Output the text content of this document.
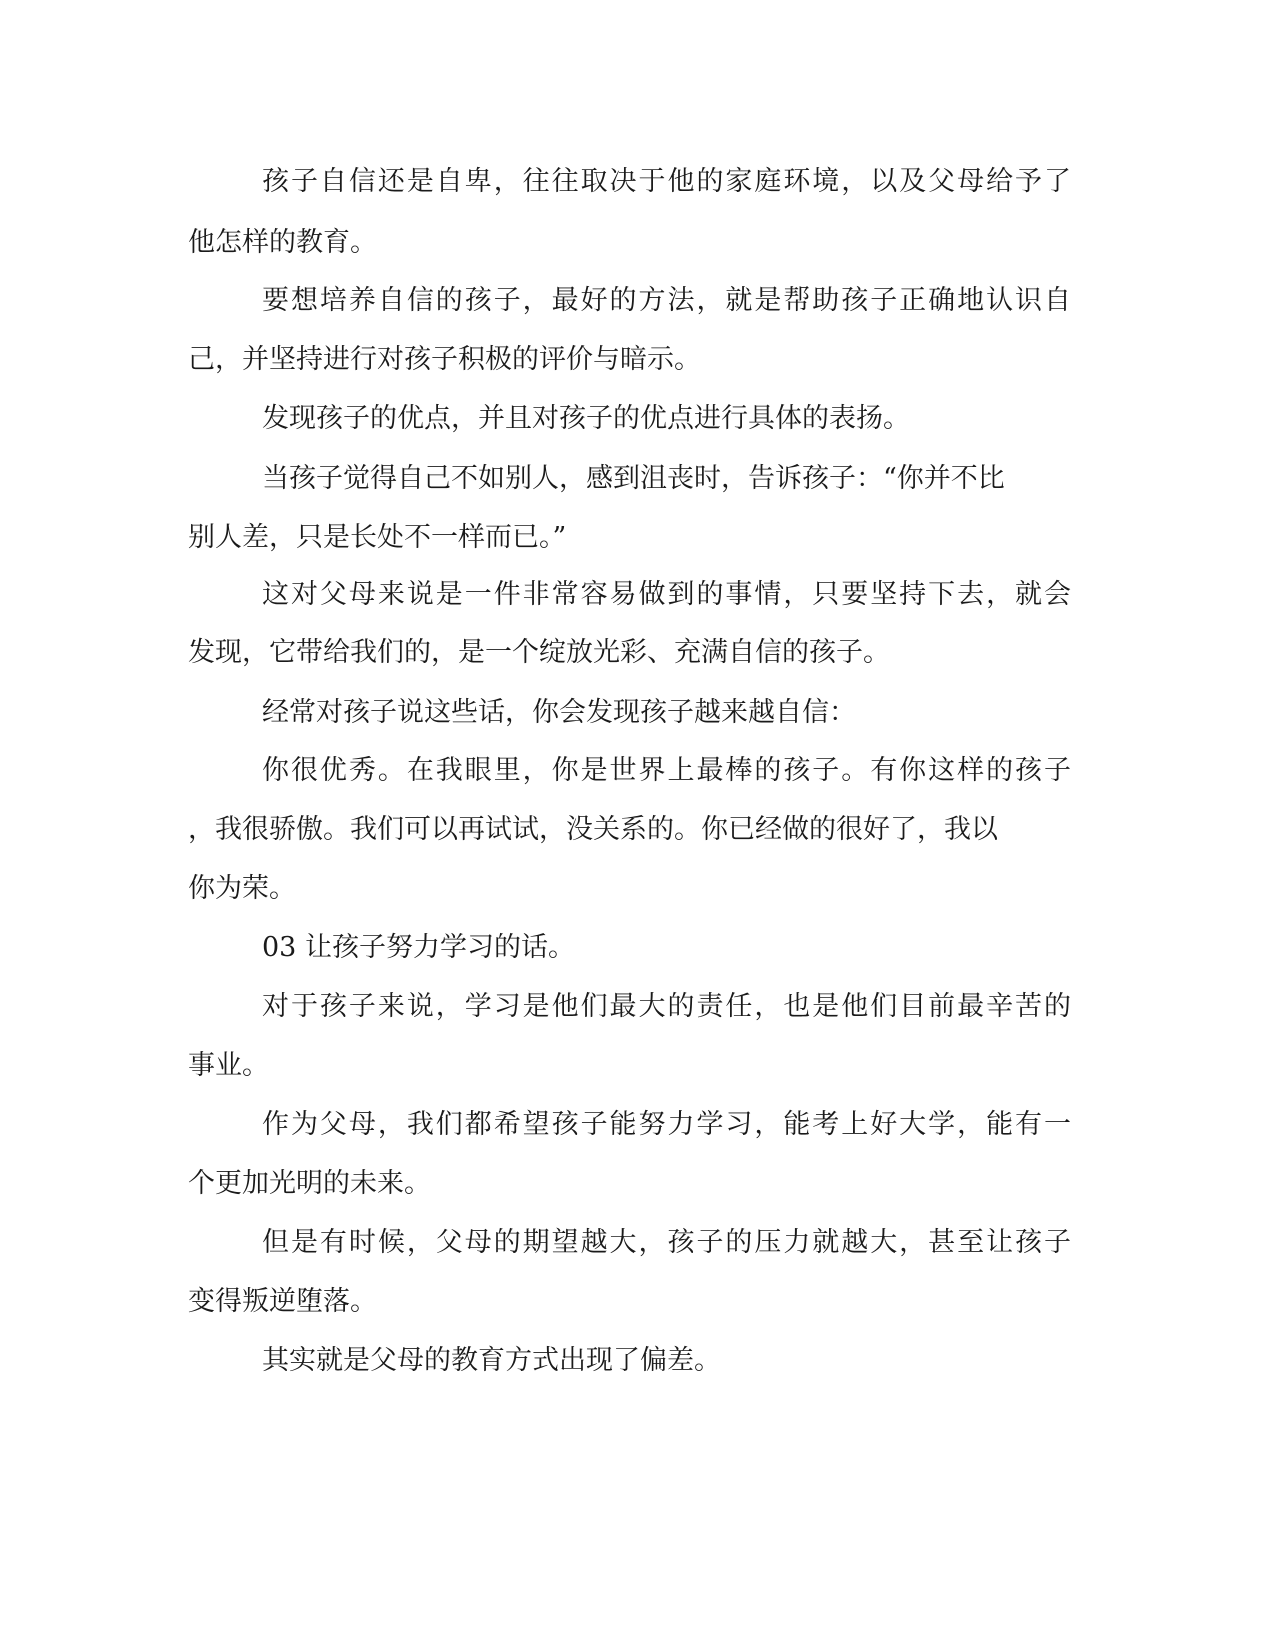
孩子自信还是自卑，往往取决于他的家庭环境，以及父母给予了
他怎样的教育。
要想培养自信的孩子，最好的方法，就是帮助孩子正确地认识自
己，并坚持进行对孩子积极的评价与暗示。
发现孩子的优点，并且对孩子的优点进行具体的表扬。
当孩子觉得自己不如别人，感到沮丧时，告诉孩子：“你并不比
别人差，只是长处不一样而已。”
这对父母来说是一件非常容易做到的事情，只要坚持下去，就会
发现，它带给我们的，是一个绽放光彩、充满自信的孩子。
经常对孩子说这些话，你会发现孩子越来越自信：
你很优秀。在我眼里，你是世界上最棒的孩子。有你这样的孩子
，我很骄傲。我们可以再试试，没关系的。你已经做的很好了，我以
你为荣。
03 让孩子努力学习的话。
对于孩子来说，学习是他们最大的责任，也是他们目前最辛苦的
事业。
作为父母，我们都希望孩子能努力学习，能考上好大学，能有一
个更加光明的未来。
但是有时候，父母的期望越大，孩子的压力就越大，甚至让孩子
变得叛逆堕落。
其实就是父母的教育方式出现了偏差。
